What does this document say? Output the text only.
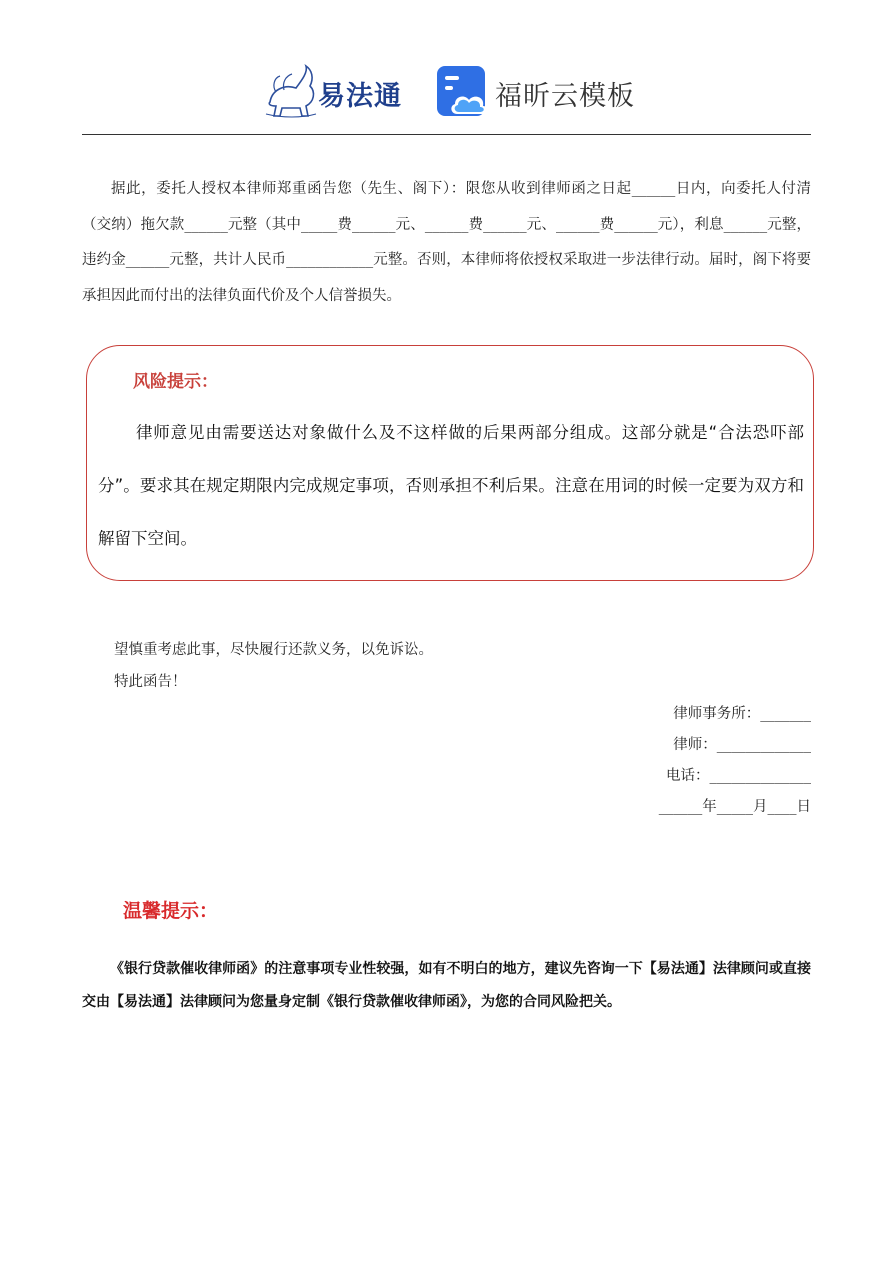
易法通	福昕云模板

据此，委托人授权本律师郑重函告您（先生、阁下）：限您从收到律师函之日起______日内，向委托人付清（交纳）拖欠款______元整（其中_____费______元、______费______元、______费______元），利息______元整，违约金______元整，共计人民币____________元整。否则，本律师将依授权采取进一步法律行动。届时，阁下将要承担因此而付出的法律负面代价及个人信誉损失。

风险提示：

律师意见由需要送达对象做什么及不这样做的后果两部分组成。这部分就是“合法恐吓部分”。要求其在规定期限内完成规定事项，否则承担不利后果。注意在用词的时候一定要为双方和解留下空间。

望慎重考虑此事，尽快履行还款义务，以免诉讼。
特此函告！
律师事务所：_______
律师：_____________
电话：______________
______年_____月____日
温馨提示：

《银行贷款催收律师函》的注意事项专业性较强，如有不明白的地方，建议先咨询一下【易法通】法律顾问或直接交由【易法通】法律顾问为您量身定制《银行贷款催收律师函》，为您的合同风险把关。
